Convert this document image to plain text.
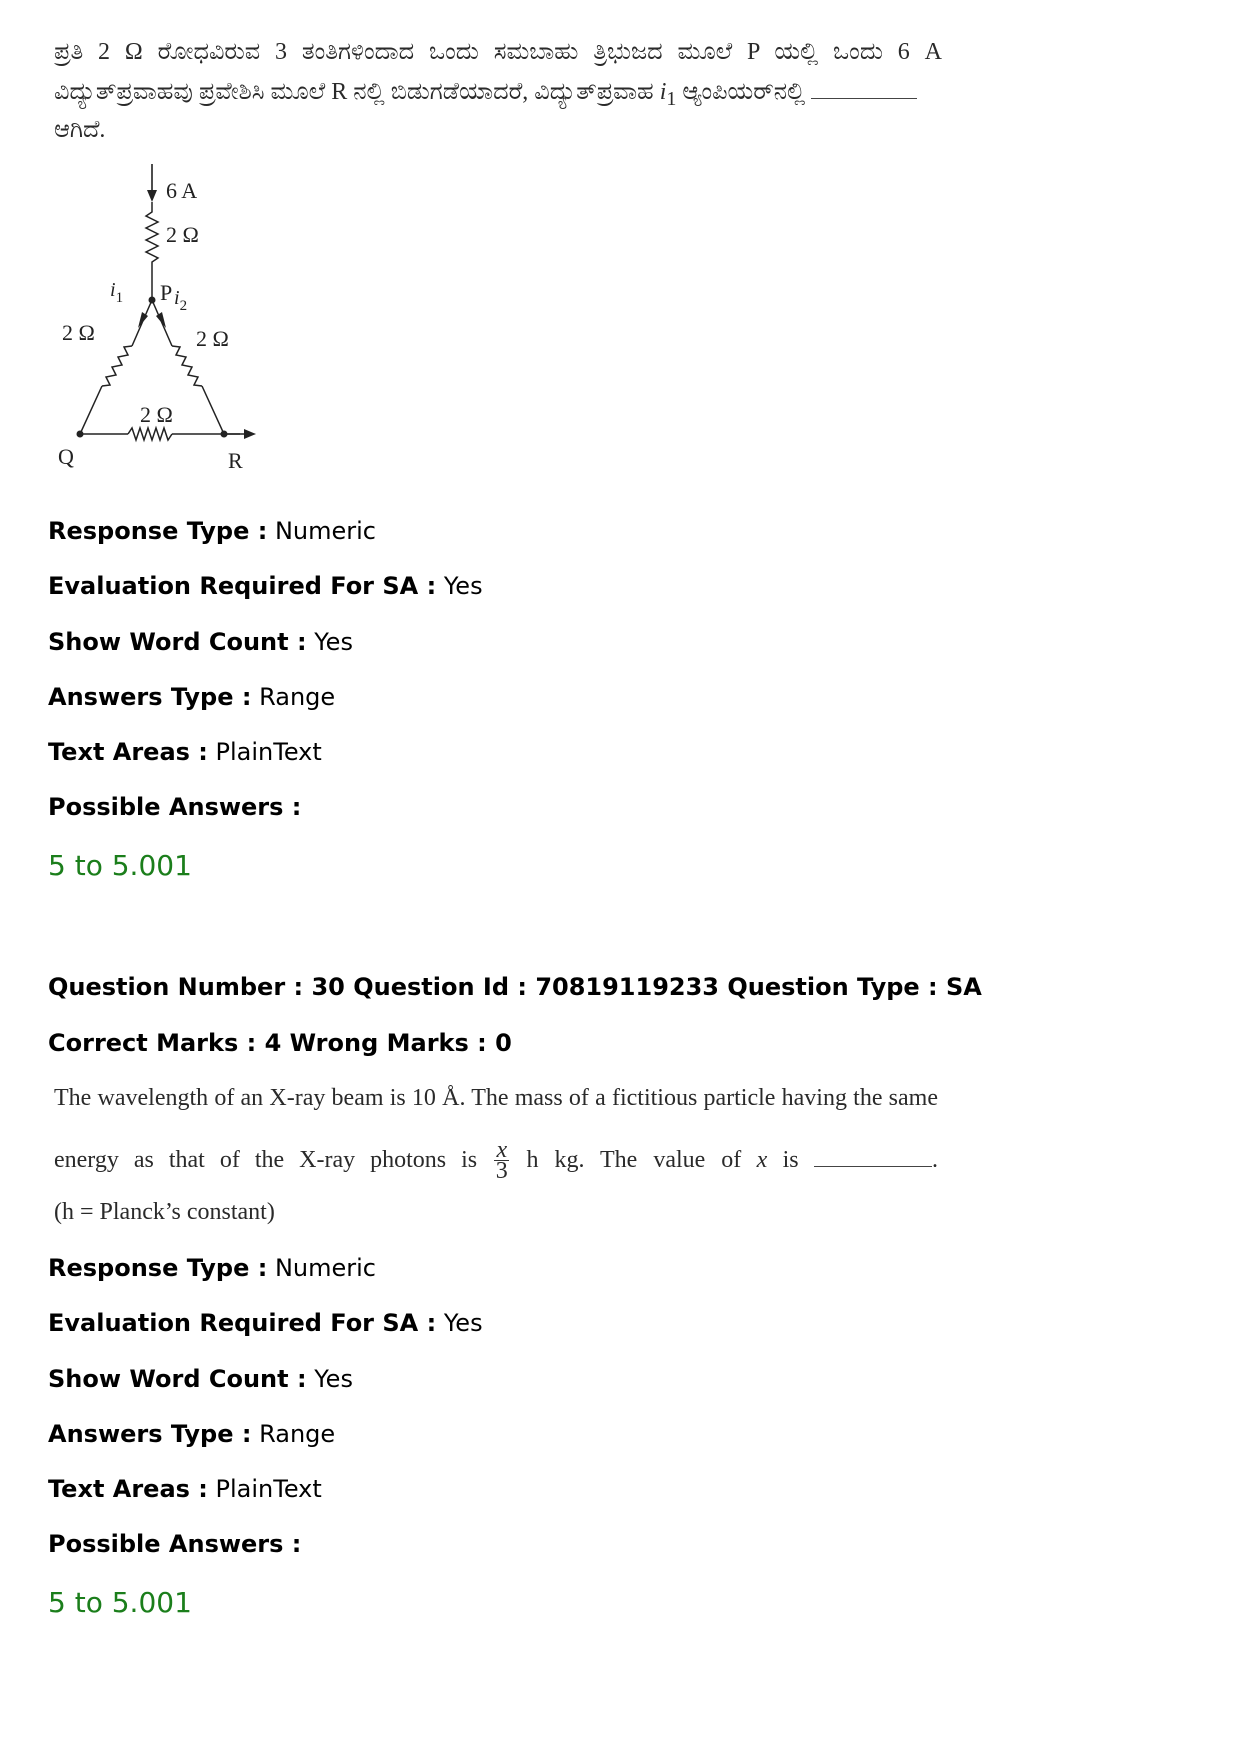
ಪ್ರತಿ 2 Ω ರೋಧವಿರುವ 3 ತಂತಿಗಳಿಂದಾದ ಒಂದು ಸಮಬಾಹು ತ್ರಿಭುಜದ ಮೂಲೆ P ಯಲ್ಲಿ ಒಂದು 6 A
ವಿದ್ಯುತ್‌ಪ್ರವಾಹವು ಪ್ರವೇಶಿಸಿ ಮೂಲೆ R ನಲ್ಲಿ ಬಿಡುಗಡೆಯಾದರೆ, ವಿದ್ಯುತ್‌ಪ್ರವಾಹ $i_1$ ಆ್ಯಂಪಿಯರ್‌ನಲ್ಲಿ
ಆಗಿದೆ.
6 A
2 Ω
P
$i_1$
2 Ω
$i_2$
2 Ω
2 Ω
Q	R
Response Type : Numeric
Evaluation Required For SA : Yes
Show Word Count : Yes
Answers Type : Range
Text Areas : PlainText
Possible Answers :
5 to 5.001
Question Number : 30 Question Id : 70819119233 Question Type : SA
Correct Marks : 4 Wrong Marks : 0
The wavelength of an X-ray beam is 10 Å. The mass of a fictitious particle having the same
energy as that of the X-ray photons is $\frac{x}{3}$ h kg. The value of x is	.
(h = Planck’s constant)
Response Type : Numeric
Evaluation Required For SA : Yes
Show Word Count : Yes
Answers Type : Range
Text Areas : PlainText
Possible Answers :
5 to 5.001
